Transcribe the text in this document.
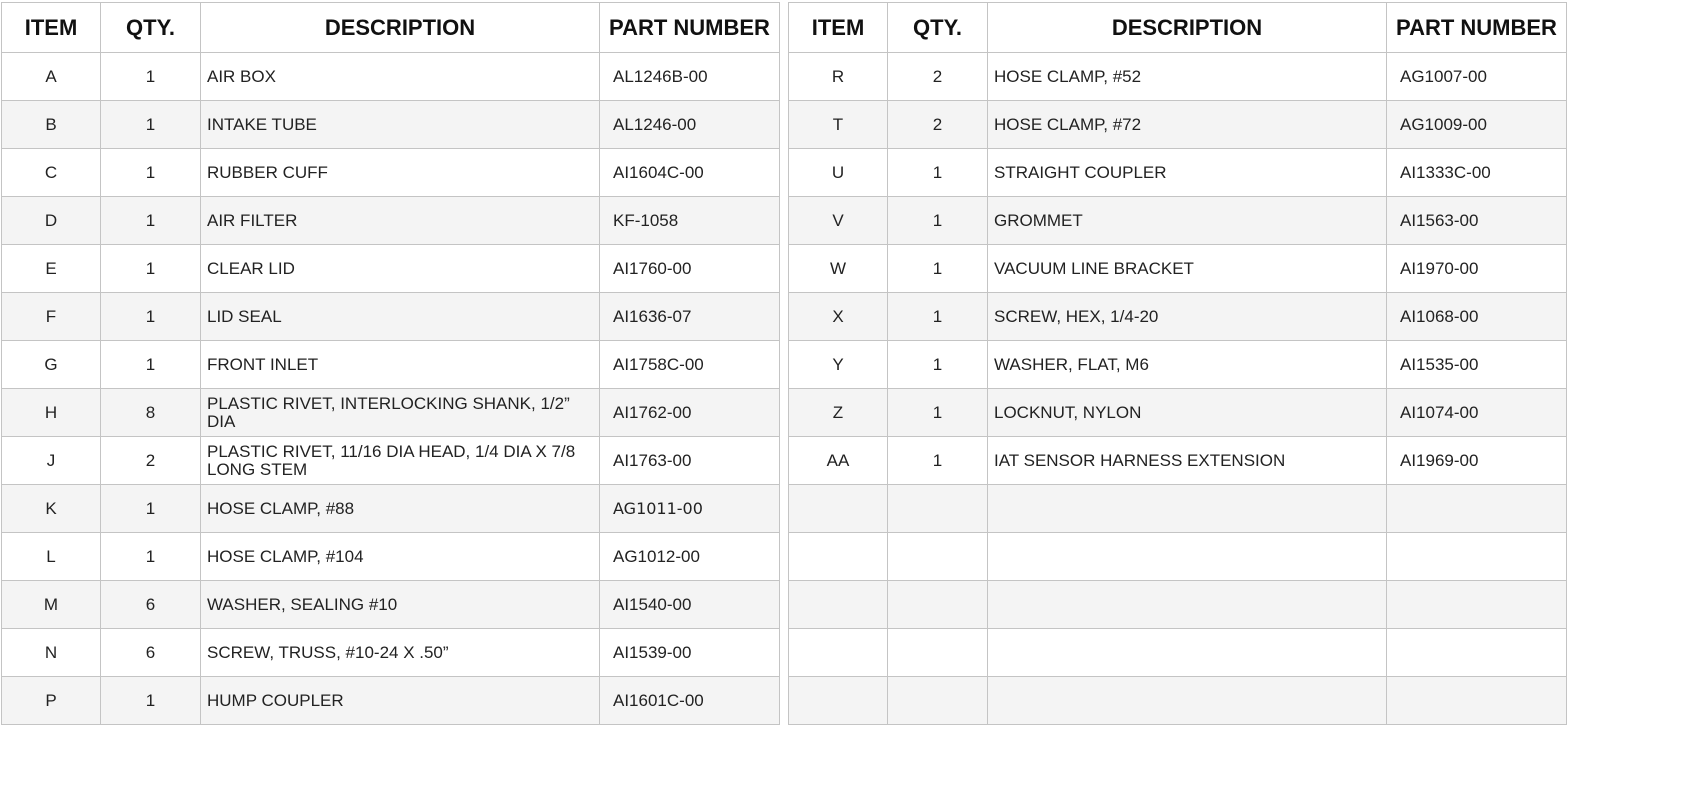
ITEM	QTY.	DESCRIPTION	PART NUMBER
A	1	AIR BOX	AL1246B-00
B	1	INTAKE TUBE	AL1246-00
C	1	RUBBER CUFF	AI1604C-00
D	1	AIR FILTER	KF-1058
E	1	CLEAR LID	AI1760-00
F	1	LID SEAL	AI1636-07
G	1	FRONT INLET	AI1758C-00
H	8	PLASTIC RIVET, INTERLOCKING SHANK, 1/2” DIA	AI1762-00
J	2	PLASTIC RIVET, 11/16 DIA HEAD, 1/4 DIA X 7/8 LONG STEM	AI1763-00
K	1	HOSE CLAMP, #88	AG1011-00
L	1	HOSE CLAMP, #104	AG1012-00
M	6	WASHER, SEALING #10	AI1540-00
N	6	SCREW, TRUSS, #10-24 X .50”	AI1539-00
P	1	HUMP COUPLER	AI1601C-00
ITEM	QTY.	DESCRIPTION	PART NUMBER
R	2	HOSE CLAMP, #52	AG1007-00
T	2	HOSE CLAMP, #72	AG1009-00
U	1	STRAIGHT COUPLER	AI1333C-00
V	1	GROMMET	AI1563-00
W	1	VACUUM LINE BRACKET	AI1970-00
X	1	SCREW, HEX, 1/4-20	AI1068-00
Y	1	WASHER, FLAT, M6	AI1535-00
Z	1	LOCKNUT, NYLON	AI1074-00
AA	1	IAT SENSOR HARNESS EXTENSION	AI1969-00
